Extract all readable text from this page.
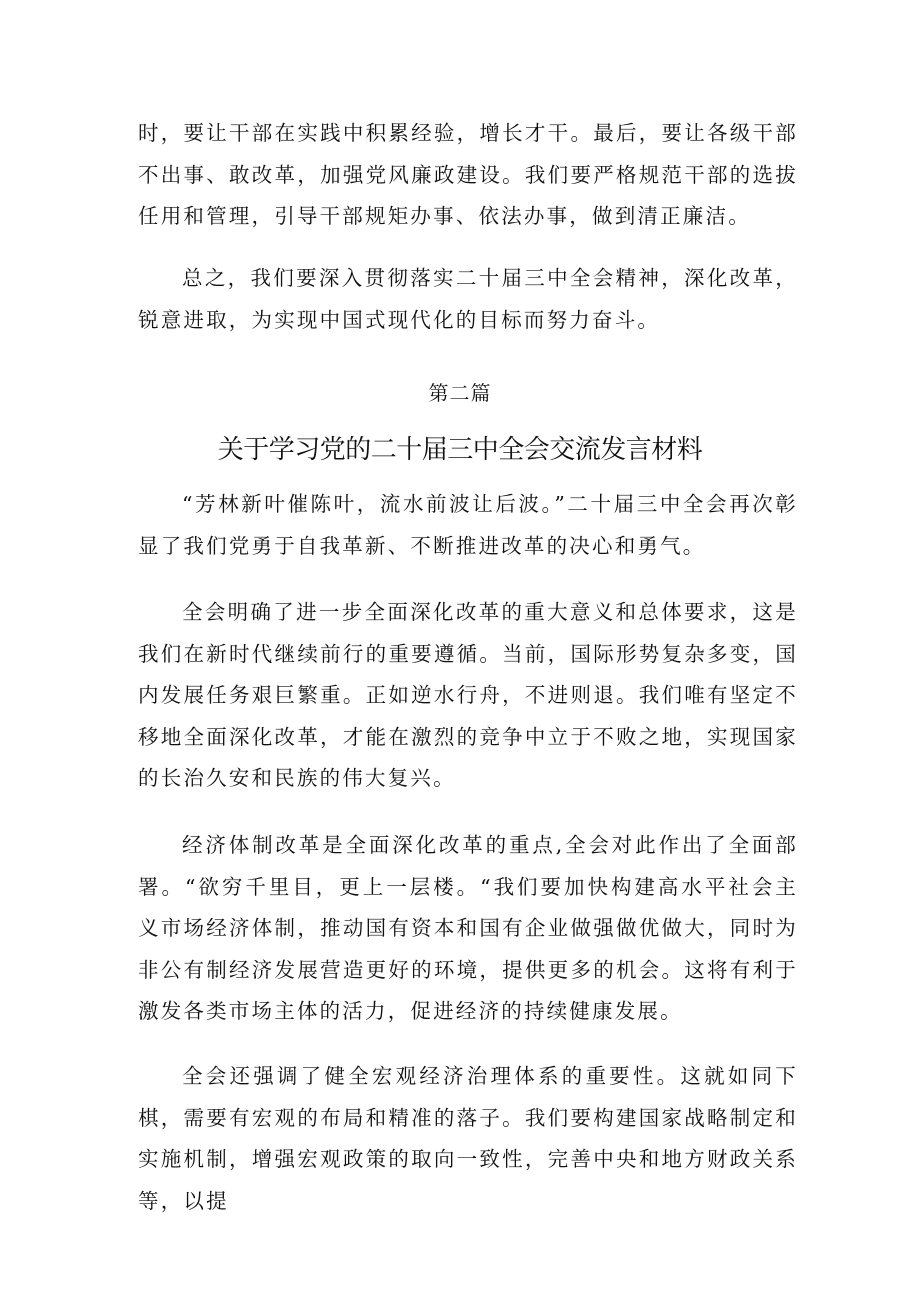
时，要让干部在实践中积累经验，增长才干。最后，要让各级干部不出事、敢改革，加强党风廉政建设。我们要严格规范干部的选拔任用和管理，引导干部规矩办事、依法办事，做到清正廉洁。

总之，我们要深入贯彻落实二十届三中全会精神，深化改革，锐意进取，为实现中国式现代化的目标而努力奋斗。

第二篇

关于学习党的二十届三中全会交流发言材料

“芳林新叶催陈叶，流水前波让后波。”二十届三中全会再次彰显了我们党勇于自我革新、不断推进改革的决心和勇气。

全会明确了进一步全面深化改革的重大意义和总体要求，这是我们在新时代继续前行的重要遵循。当前，国际形势复杂多变，国内发展任务艰巨繁重。正如逆水行舟，不进则退。我们唯有坚定不移地全面深化改革，才能在激烈的竞争中立于不败之地，实现国家的长治久安和民族的伟大复兴。

经济体制改革是全面深化改革的重点,全会对此作出了全面部署。“欲穷千里目，更上一层楼。“我们要加快构建高水平社会主义市场经济体制，推动国有资本和国有企业做强做优做大，同时为非公有制经济发展营造更好的环境，提供更多的机会。这将有利于激发各类市场主体的活力，促进经济的持续健康发展。

全会还强调了健全宏观经济治理体系的重要性。这就如同下棋，需要有宏观的布局和精准的落子。我们要构建国家战略制定和实施机制，增强宏观政策的取向一致性，完善中央和地方财政关系等，以提
